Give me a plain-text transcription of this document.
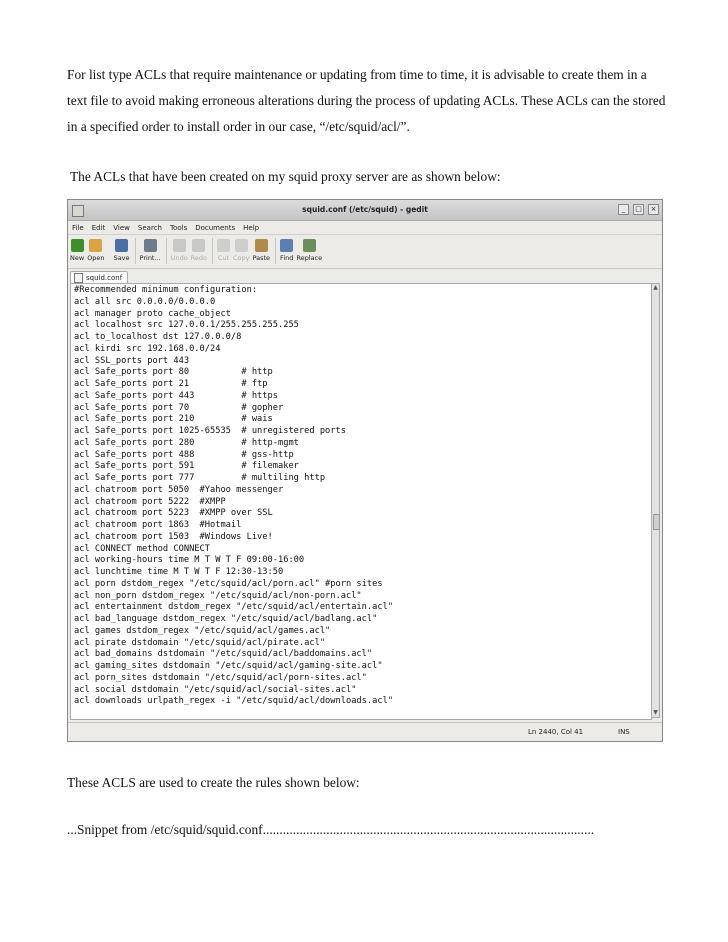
For list type ACLs that require maintenance or updating from time to time, it is advisable to create them in a text file to avoid making erroneous alterations during the process of updating ACLs. These ACLs can the stored in a specified order to install order in our case, “/etc/squid/acl/”.

The ACLs that have been created on my squid proxy server are as shown below:

squid.conf (/etc/squid) - gedit	_	□	×
File Edit View Search Tools Documents Help
New Open Save Print... Undo Redo Cut Copy Paste Find Replace
squid.conf
#Recommended minimum configuration:
acl all src 0.0.0.0/0.0.0.0
acl manager proto cache_object
acl localhost src 127.0.0.1/255.255.255.255
acl to_localhost dst 127.0.0.0/8
acl kirdi src 192.168.0.0/24
acl SSL_ports port 443
acl Safe_ports port 80          # http
acl Safe_ports port 21          # ftp
acl Safe_ports port 443         # https
acl Safe_ports port 70          # gopher
acl Safe_ports port 210         # wais
acl Safe_ports port 1025-65535  # unregistered ports
acl Safe_ports port 280         # http-mgmt
acl Safe_ports port 488         # gss-http
acl Safe_ports port 591         # filemaker
acl Safe_ports port 777         # multiling http
acl chatroom port 5050  #Yahoo messenger
acl chatroom port 5222  #XMPP
acl chatroom port 5223  #XMPP over SSL
acl chatroom port 1863  #Hotmail
acl chatroom port 1503  #Windows Live!
acl CONNECT method CONNECT
acl working-hours time M T W T F 09:00-16:00
acl lunchtime time M T W T F 12:30-13:50
acl porn dstdom_regex "/etc/squid/acl/porn.acl" #porn sites
acl non_porn dstdom_regex "/etc/squid/acl/non-porn.acl"
acl entertainment dstdom_regex "/etc/squid/acl/entertain.acl"
acl bad_language dstdom_regex "/etc/squid/acl/badlang.acl"
acl games dstdom_regex "/etc/squid/acl/games.acl"
acl pirate dstdomain "/etc/squid/acl/pirate.acl"
acl bad_domains dstdomain "/etc/squid/acl/baddomains.acl"
acl gaming_sites dstdomain "/etc/squid/acl/gaming-site.acl"
acl porn_sites dstdomain "/etc/squid/acl/porn-sites.acl"
acl social dstdomain "/etc/squid/acl/social-sites.acl"
acl downloads urlpath_regex -i "/etc/squid/acl/downloads.acl"
▲
▼
Ln 2440, Col 41	INS

These ACLS are used to create the rules shown below:

...Snippet from /etc/squid/squid.conf...................................................................................................
